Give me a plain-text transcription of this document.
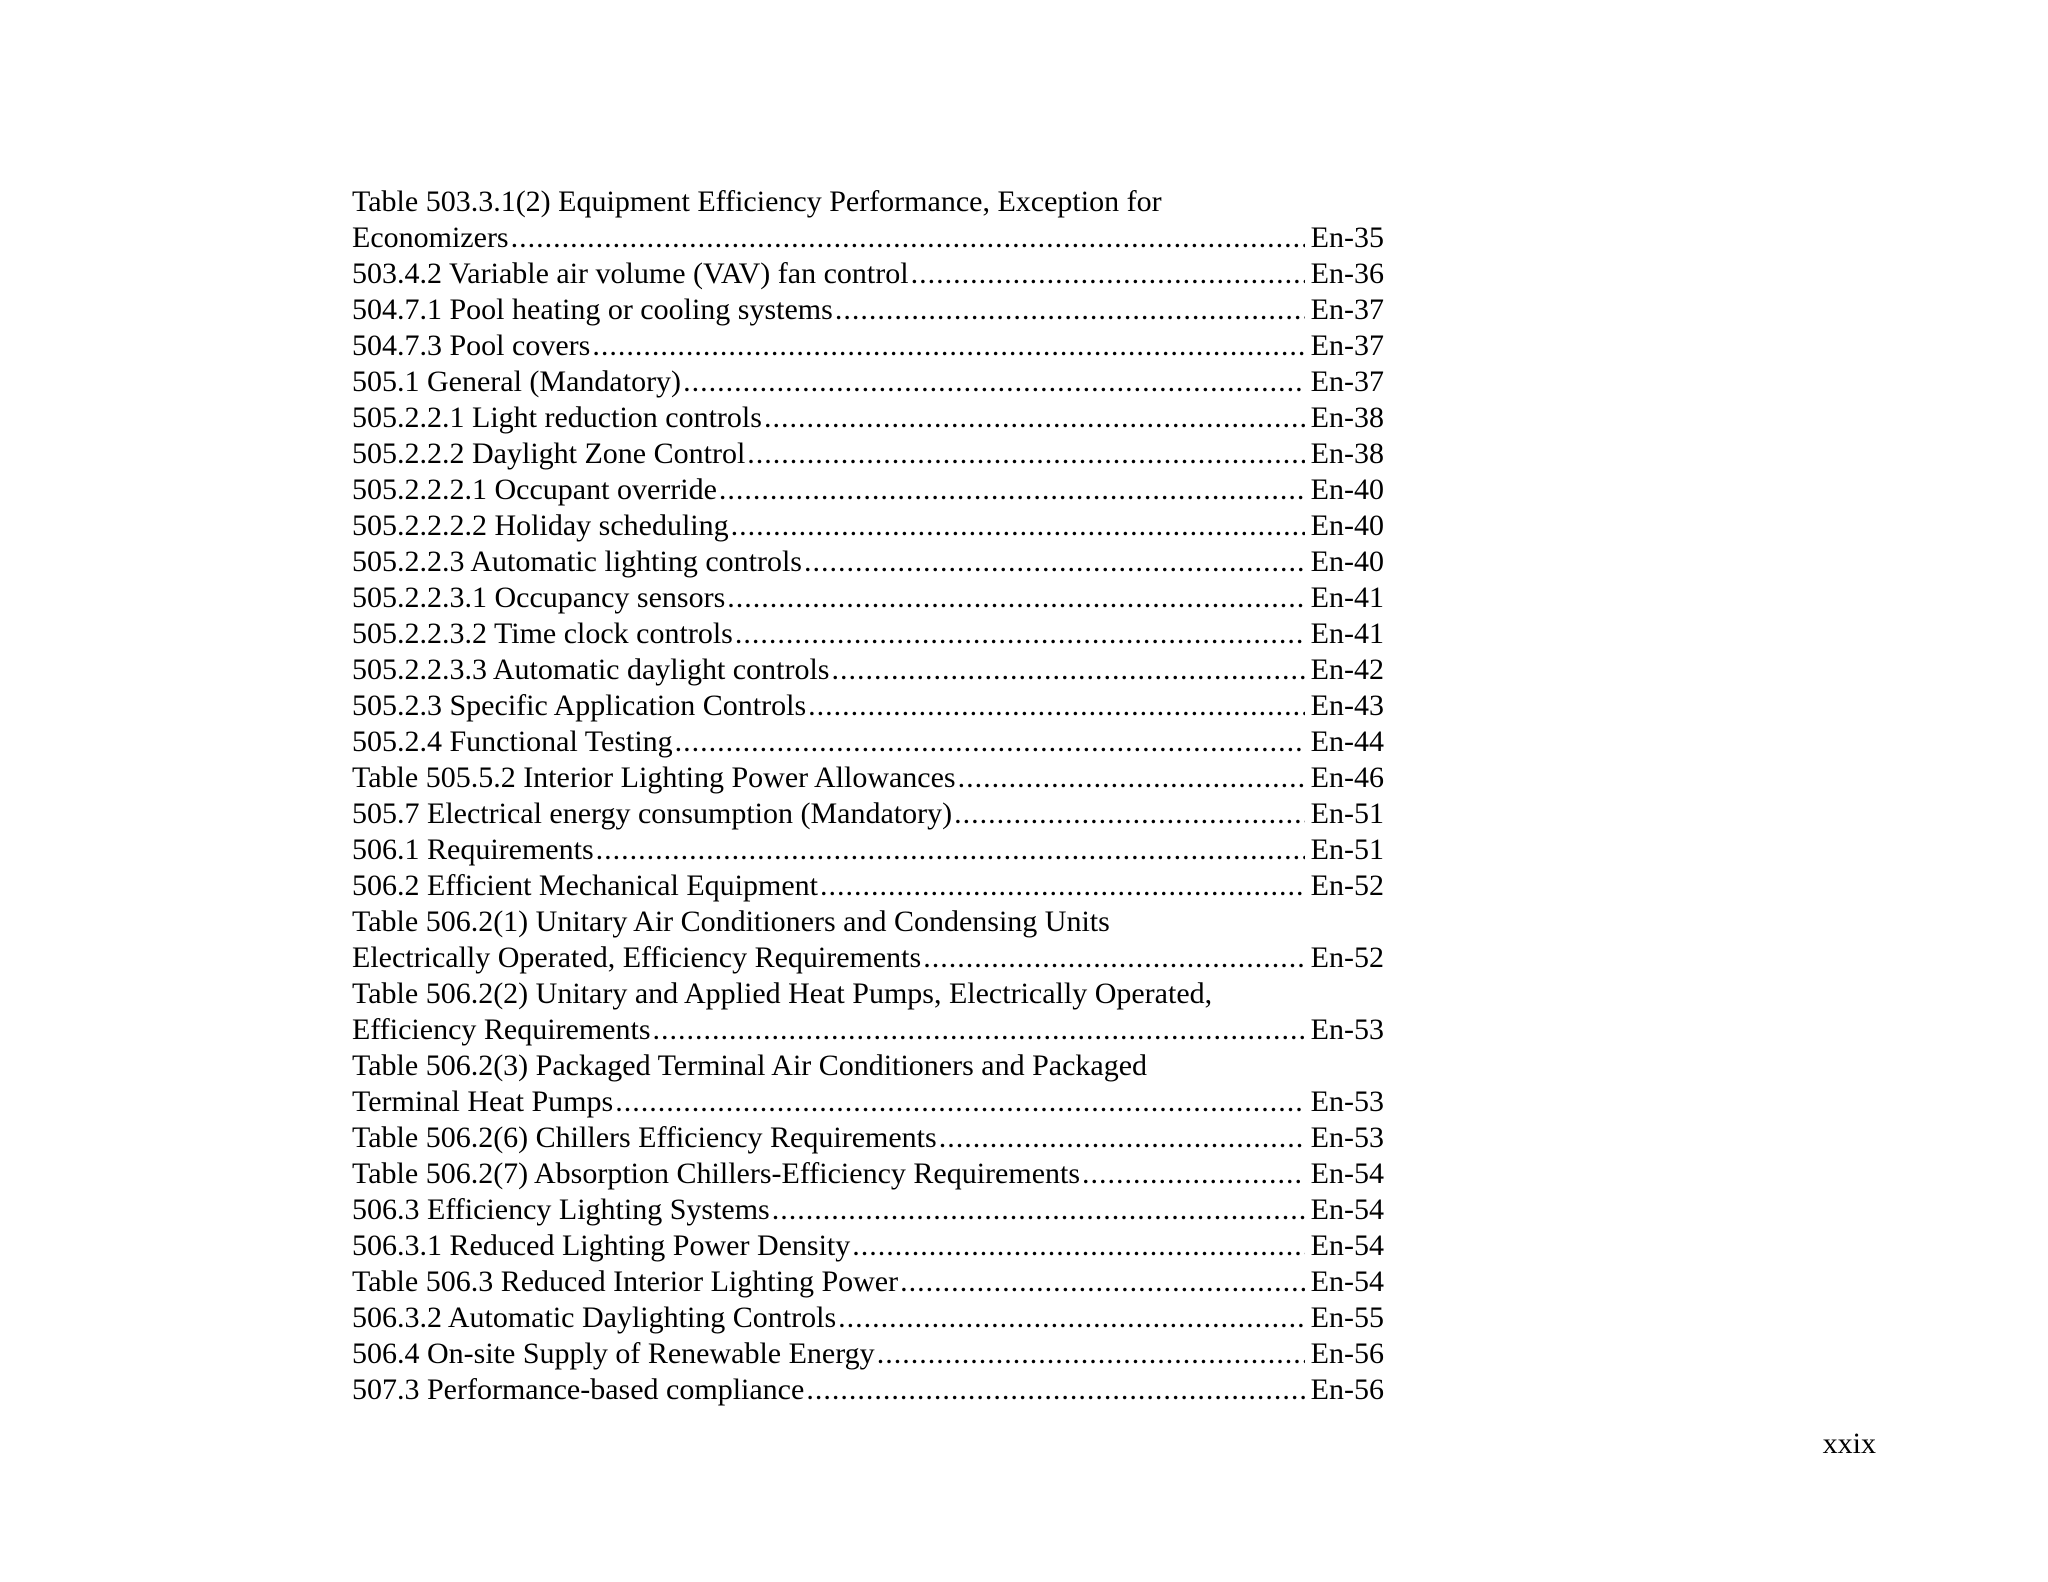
Table 503.3.1(2) Equipment Efficiency Performance, Exception for
Economizers .....	En-35
503.4.2 Variable air volume (VAV) fan control .....	En-36
504.7.1 Pool heating or cooling systems .....	En-37
504.7.3 Pool covers .....	En-37
505.1 General (Mandatory) .....	En-37
505.2.2.1 Light reduction controls .....	En-38
505.2.2.2 Daylight Zone Control .....	En-38
505.2.2.2.1 Occupant override .....	En-40
505.2.2.2.2 Holiday scheduling .....	En-40
505.2.2.3 Automatic lighting controls .....	En-40
505.2.2.3.1 Occupancy sensors .....	En-41
505.2.2.3.2 Time clock controls .....	En-41
505.2.2.3.3 Automatic daylight controls .....	En-42
505.2.3 Specific Application Controls .....	En-43
505.2.4 Functional Testing .....	En-44
Table 505.5.2 Interior Lighting Power Allowances .....	En-46
505.7 Electrical energy consumption (Mandatory) .....	En-51
506.1 Requirements .....	En-51
506.2 Efficient Mechanical Equipment .....	En-52
Table 506.2(1) Unitary Air Conditioners and Condensing Units
Electrically Operated, Efficiency Requirements .....	En-52
Table 506.2(2) Unitary and Applied Heat Pumps, Electrically Operated,
Efficiency Requirements .....	En-53
Table 506.2(3) Packaged Terminal Air Conditioners and Packaged
Terminal Heat Pumps .....	En-53
Table 506.2(6) Chillers Efficiency Requirements .....	En-53
Table 506.2(7) Absorption Chillers-Efficiency Requirements .....	En-54
506.3 Efficiency Lighting Systems .....	En-54
506.3.1 Reduced Lighting Power Density .....	En-54
Table 506.3 Reduced Interior Lighting Power .....	En-54
506.3.2 Automatic Daylighting Controls .....	En-55
506.4 On-site Supply of Renewable Energy .....	En-56
507.3 Performance-based compliance .....	En-56
xxix
